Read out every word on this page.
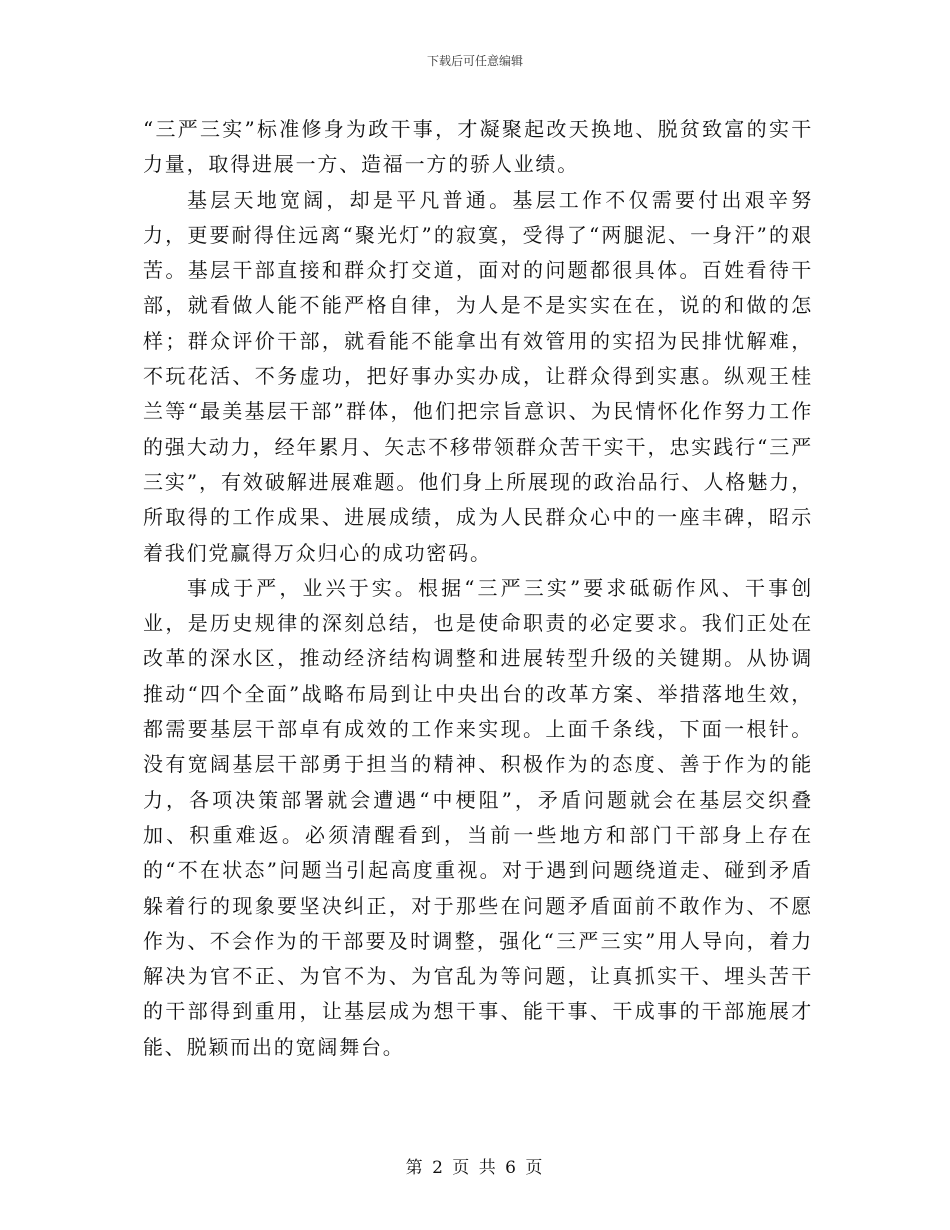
下载后可任意编辑

“三严三实”标准修身为政干事，才凝聚起改天换地、脱贫致富的实干力量，取得进展一方、造福一方的骄人业绩。

基层天地宽阔，却是平凡普通。基层工作不仅需要付出艰辛努力，更要耐得住远离“聚光灯”的寂寞，受得了“两腿泥、一身汗”的艰苦。基层干部直接和群众打交道，面对的问题都很具体。百姓看待干部，就看做人能不能严格自律，为人是不是实实在在，说的和做的怎样；群众评价干部，就看能不能拿出有效管用的实招为民排忧解难，不玩花活、不务虚功，把好事办实办成，让群众得到实惠。纵观王桂兰等“最美基层干部”群体，他们把宗旨意识、为民情怀化作努力工作的强大动力，经年累月、矢志不移带领群众苦干实干，忠实践行“三严三实”，有效破解进展难题。他们身上所展现的政治品行、人格魅力，所取得的工作成果、进展成绩，成为人民群众心中的一座丰碑，昭示着我们党赢得万众归心的成功密码。

事成于严，业兴于实。根据“三严三实”要求砥砺作风、干事创业，是历史规律的深刻总结，也是使命职责的必定要求。我们正处在改革的深水区，推动经济结构调整和进展转型升级的关键期。从协调推动“四个全面”战略布局到让中央出台的改革方案、举措落地生效，都需要基层干部卓有成效的工作来实现。上面千条线，下面一根针。没有宽阔基层干部勇于担当的精神、积极作为的态度、善于作为的能力，各项决策部署就会遭遇“中梗阻”，矛盾问题就会在基层交织叠加、积重难返。必须清醒看到，当前一些地方和部门干部身上存在的“不在状态”问题当引起高度重视。对于遇到问题绕道走、碰到矛盾躲着行的现象要坚决纠正，对于那些在问题矛盾面前不敢作为、不愿作为、不会作为的干部要及时调整，强化“三严三实”用人导向，着力解决为官不正、为官不为、为官乱为等问题，让真抓实干、埋头苦干的干部得到重用，让基层成为想干事、能干事、干成事的干部施展才能、脱颖而出的宽阔舞台。

第 2 页 共 6 页
